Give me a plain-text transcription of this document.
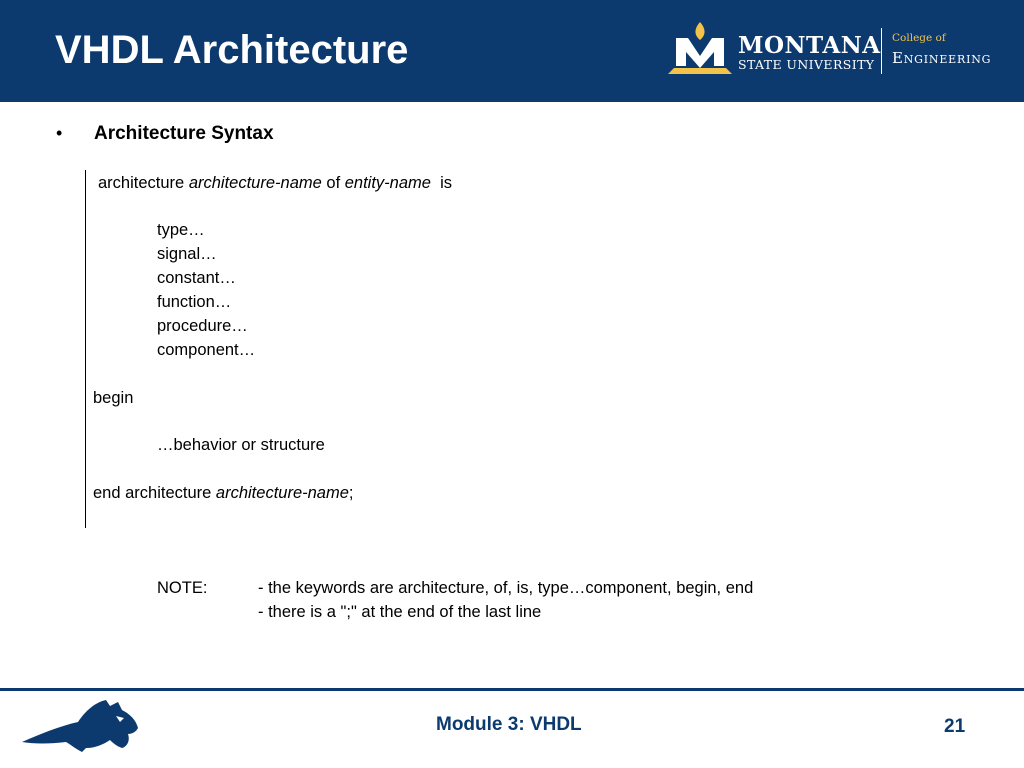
VHDL Architecture	MONTANA
STATE UNIVERSITY
College of
Engineering
• Architecture Syntax
architecture architecture-name of entity-name is
type…
signal…
constant…
function…
procedure…
component…
begin
…behavior or structure
end architecture architecture-name;
NOTE:	- the keywords are architecture, of, is, type…component, begin, end
- there is a ";" at the end of the last line
Module 3: VHDL	21
